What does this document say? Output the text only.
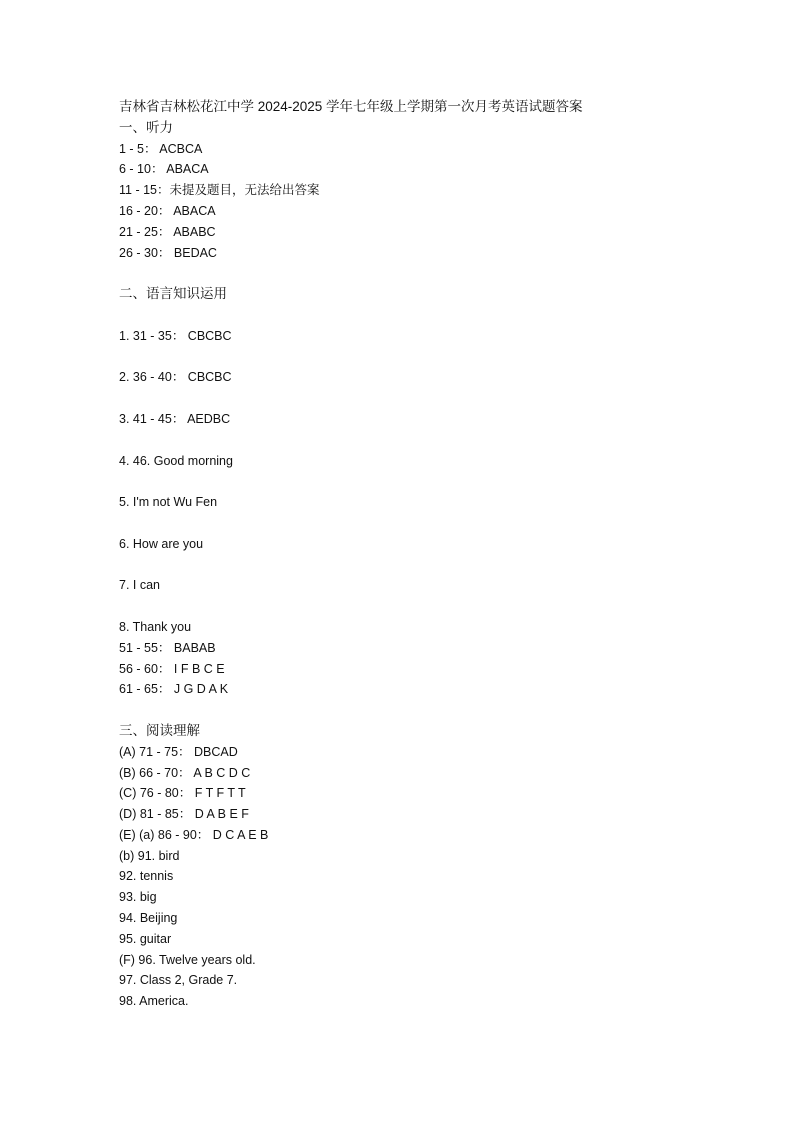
吉林省吉林松花江中学 2024-2025 学年七年级上学期第一次月考英语试题答案
一、听力
1 - 5： ACBCA
6 - 10： ABACA
11 - 15：未提及题目，无法给出答案
16 - 20： ABACA
21 - 25： ABABC
26 - 30： BEDAC
二、语言知识运用
1. 31 - 35： CBCBC
2. 36 - 40： CBCBC
3. 41 - 45： AEDBC
4. 46. Good morning
5. I'm not Wu Fen
6. How are you
7. I can
8. Thank you
51 - 55： BABAB
56 - 60： I F B C E
61 - 65： J G D A K
三、阅读理解
(A) 71 - 75： DBCAD
(B) 66 - 70： A B C D C
(C) 76 - 80： F T F T T
(D) 81 - 85： D A B E F
(E) (a) 86 - 90： D C A E B
(b) 91. bird
92. tennis
93. big
94. Beijing
95. guitar
(F) 96. Twelve years old.
97. Class 2, Grade 7.
98. America.
